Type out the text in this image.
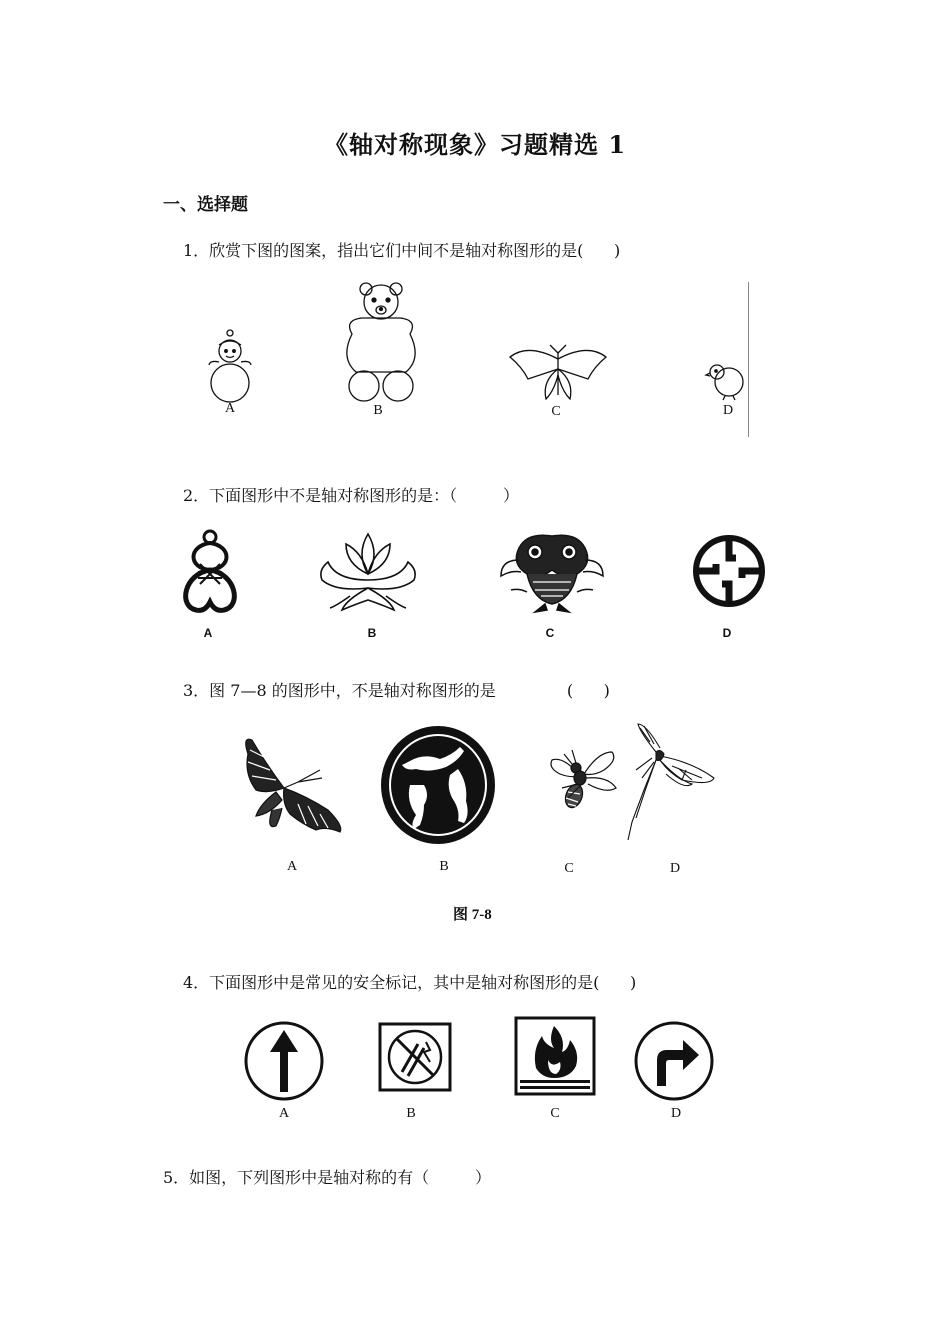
《轴对称现象》习题精选 1
一、选择题
1．欣赏下图的图案，指出它们中间不是轴对称图形的是(      )
A	B	C	D
2．下面图形中不是轴对称图形的是：（         ）
A	B	C	D
3．图 7—8 的图形中，不是轴对称图形的是              (      )
A	B	C	D
图 7-8
4．下面图形中是常见的安全标记，其中是轴对称图形的是(      )
A	B	C	D
5．如图，下列图形中是轴对称的有（         ）
